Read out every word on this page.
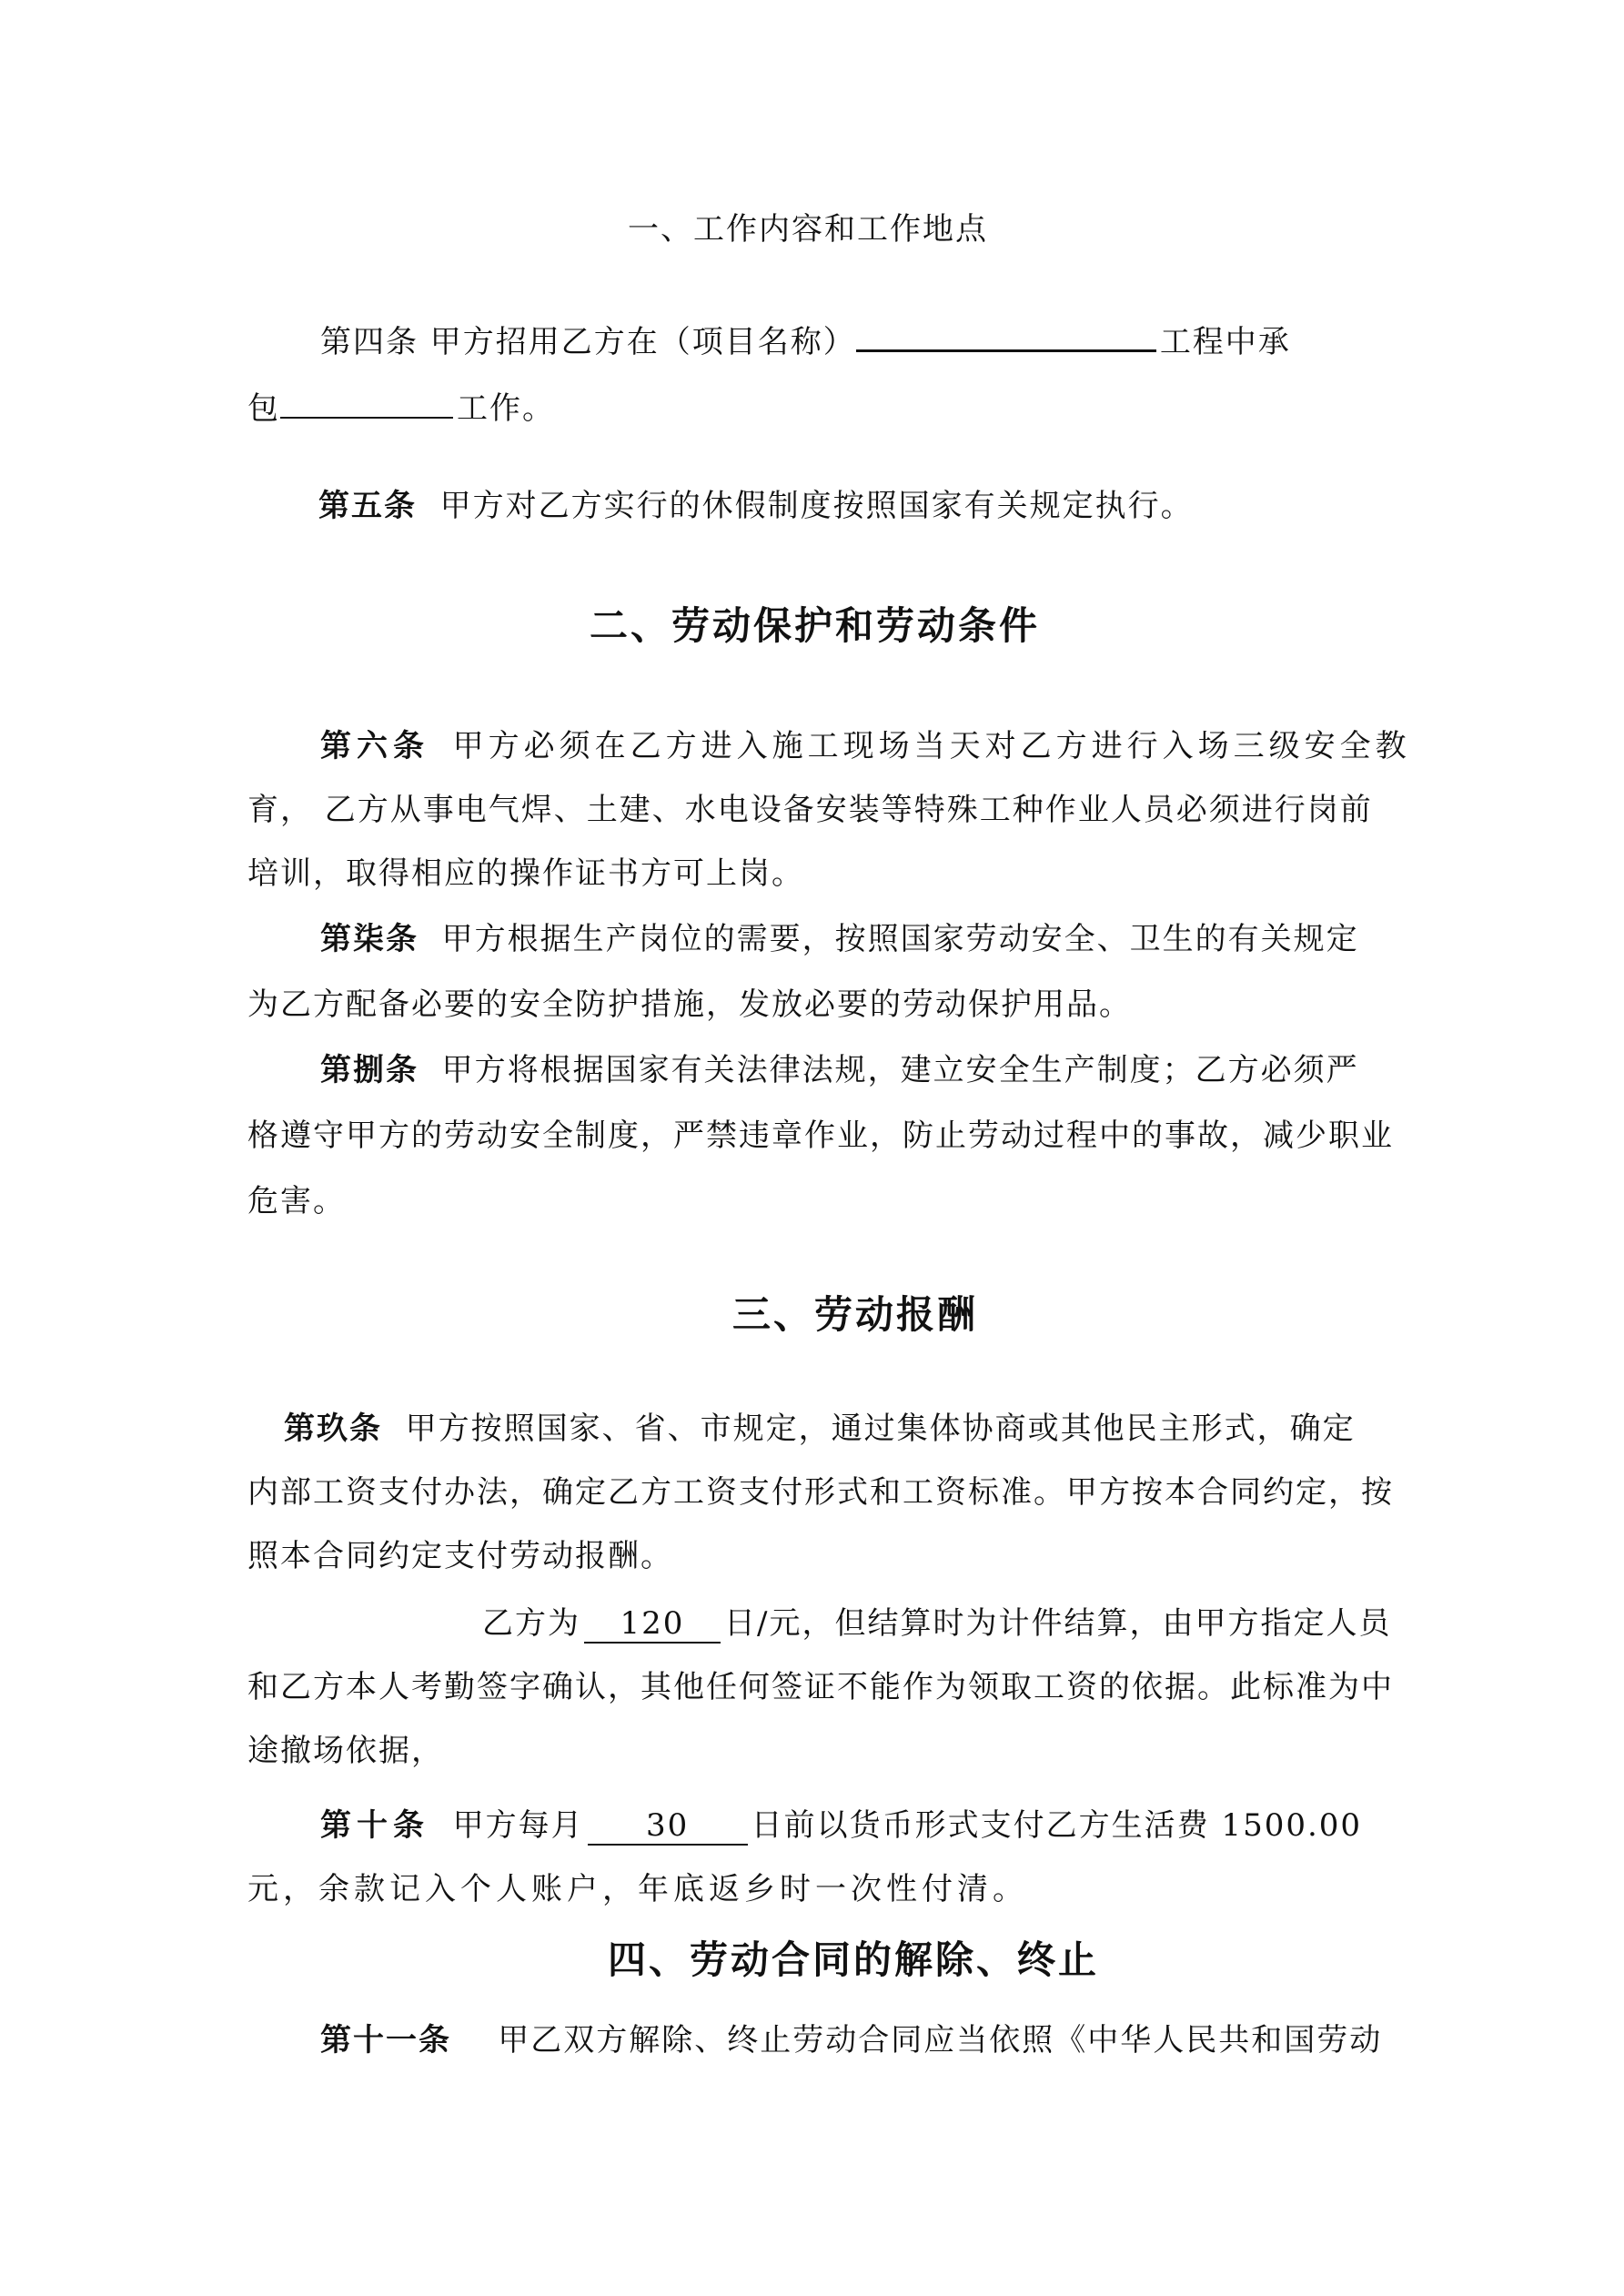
一、工作内容和工作地点
第四条 甲方招用乙方在（项目名称）	工程中承
包	工作。
第五条 甲方对乙方实行的休假制度按照国家有关规定执行。
二、劳动保护和劳动条件
第六条 甲方必须在乙方进入施工现场当天对乙方进行入场三级安全教
育， 乙方从事电气焊、土建、水电设备安装等特殊工种作业人员必须进行岗前
培训，取得相应的操作证书方可上岗。
第柒条 甲方根据生产岗位的需要，按照国家劳动安全、卫生的有关规定
为乙方配备必要的安全防护措施，发放必要的劳动保护用品。
第捌条 甲方将根据国家有关法律法规，建立安全生产制度；乙方必须严
格遵守甲方的劳动安全制度，严禁违章作业，防止劳动过程中的事故，减少职业
危害。
三、劳动报酬
第玖条 甲方按照国家、省、市规定，通过集体协商或其他民主形式，确定
内部工资支付办法，确定乙方工资支付形式和工资标准。甲方按本合同约定，按
照本合同约定支付劳动报酬。
乙方为 120 日/元，但结算时为计件结算，由甲方指定人员
和乙方本人考勤签字确认，其他任何签证不能作为领取工资的依据。此标准为中
途撤场依据，
第十条 甲方每月 30 日前以货币形式支付乙方生活费 1500.00
元，余款记入个人账户，年底返乡时一次性付清。
四、劳动合同的解除、终止
第十一条 甲乙双方解除、终止劳动合同应当依照《中华人民共和国劳动
